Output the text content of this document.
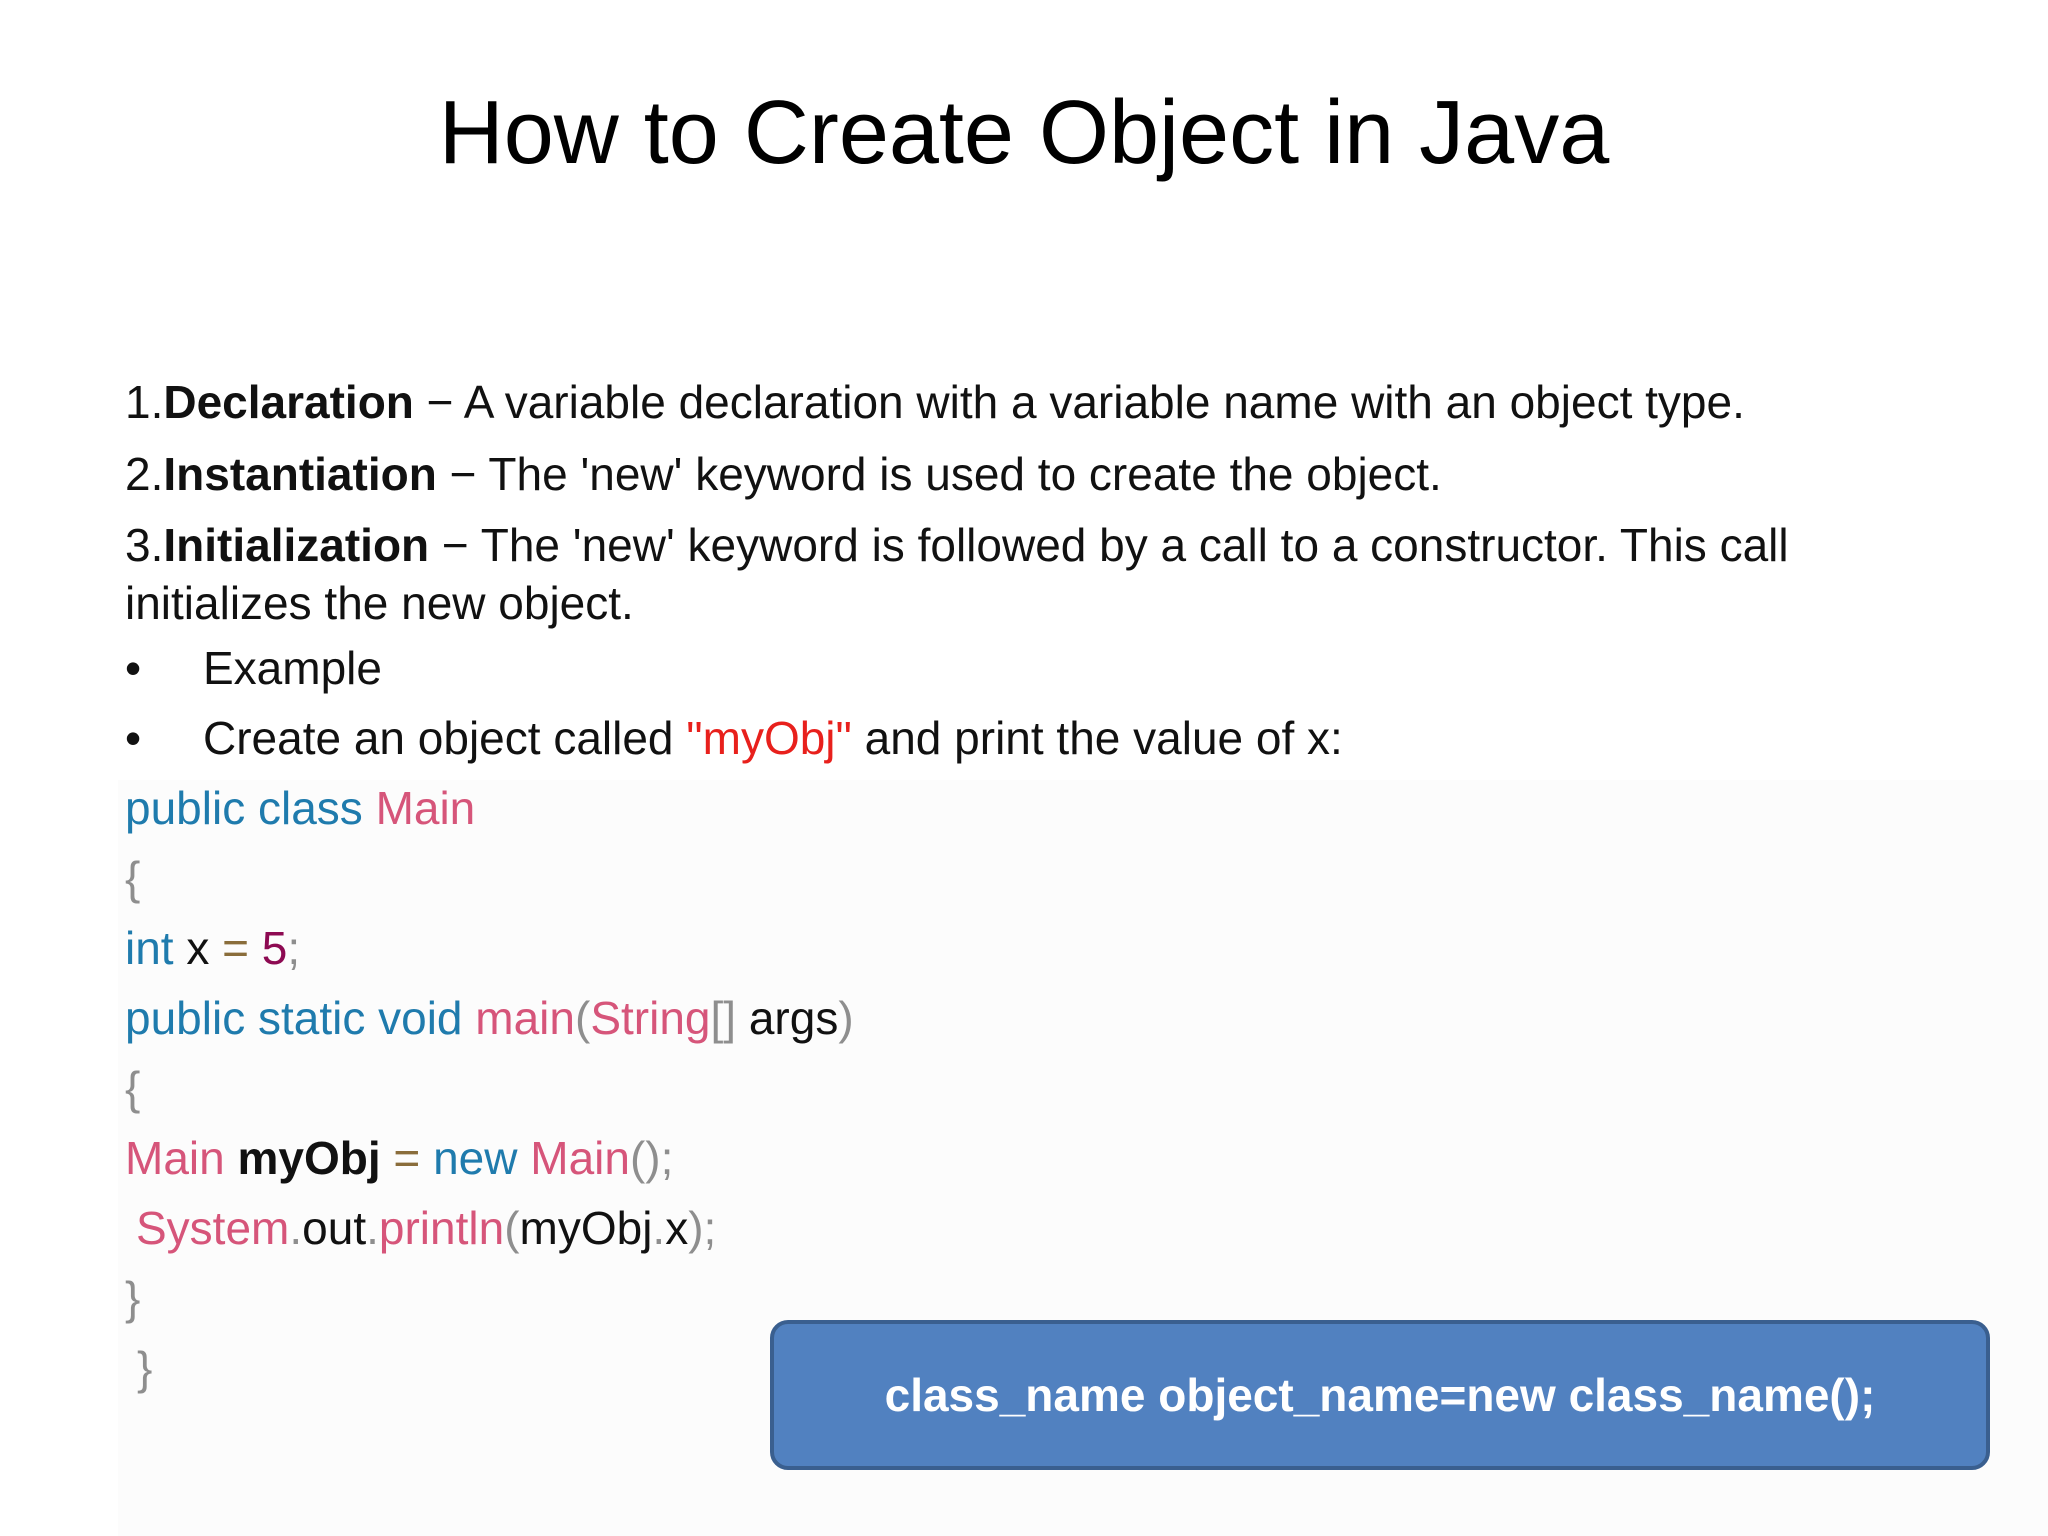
How to Create Object in Java
1.Declaration − A variable declaration with a variable name with an object type.
2.Instantiation − The 'new' keyword is used to create the object.
3.Initialization − The 'new' keyword is followed by a call to a constructor. This call initializes the new object.
• Example
• Create an object called "myObj" and print the value of x:
public class Main
{
int x = 5;
public static void main(String[] args)
{
Main myObj = new Main();
System.out.println(myObj.x);
}
}
class_name object_name=new class_name();
